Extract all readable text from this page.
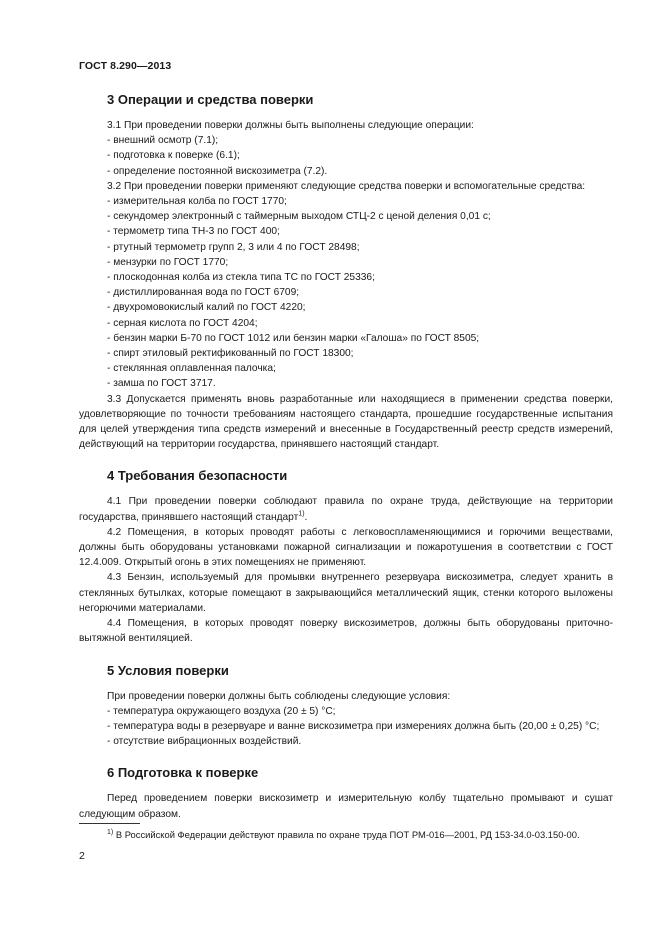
ГОСТ 8.290—2013
3 Операции и средства поверки

3.1 При проведении поверки должны быть выполнены следующие операции:

- внешний осмотр (7.1);

- подготовка к поверке (6.1);

- определение постоянной вискозиметра (7.2).

3.2 При проведении поверки применяют следующие средства поверки и вспомогательные средства:

- измерительная колба по ГОСТ 1770;

- секундомер электронный с таймерным выходом СТЦ-2 с ценой деления 0,01 с;

- термометр типа ТН-3 по ГОСТ 400;

- ртутный термометр групп 2, 3 или 4 по ГОСТ 28498;

- мензурки по ГОСТ 1770;

- плоскодонная колба из стекла типа ТС по ГОСТ 25336;

- дистиллированная вода по ГОСТ 6709;

- двухромовокислый калий по ГОСТ 4220;

- серная кислота по ГОСТ 4204;

- бензин марки Б-70 по ГОСТ 1012 или бензин марки «Галоша» по ГОСТ 8505;

- спирт этиловый ректификованный по ГОСТ 18300;

- стеклянная оплавленная палочка;

- замша по ГОСТ 3717.

3.3 Допускается применять вновь разработанные или находящиеся в применении средства поверки, удовлетворяющие по точности требованиям настоящего стандарта, прошедшие государственные испытания для целей утверждения типа средств измерений и внесенные в Государственный реестр средств измерений, действующий на территории государства, принявшего настоящий стандарт.

4 Требования безопасности

4.1 При проведении поверки соблюдают правила по охране труда, действующие на территории государства, принявшего настоящий стандарт$^{1)}$.

4.2 Помещения, в которых проводят работы с легковоспламеняющимися и горючими веществами, должны быть оборудованы установками пожарной сигнализации и пожаротушения в соответствии с ГОСТ 12.4.009. Открытый огонь в этих помещениях не применяют.

4.3 Бензин, используемый для промывки внутреннего резервуара вискозиметра, следует хранить в стеклянных бутылках, которые помещают в закрывающийся металлический ящик, стенки которого выложены негорючими материалами.

4.4 Помещения, в которых проводят поверку вискозиметров, должны быть оборудованы приточно-вытяжной вентиляцией.

5 Условия поверки

При проведении поверки должны быть соблюдены следующие условия:

- температура окружающего воздуха (20 ± 5) °С;

- температура воды в резервуаре и ванне вискозиметра при измерениях должна быть (20,00 ± 0,25) °С;

- отсутствие вибрационных воздействий.

6 Подготовка к поверке

Перед проведением поверки вискозиметр и измерительную колбу тщательно промывают и сушат следующим образом.

$^{1)}$ В Российской Федерации действуют правила по охране труда ПОТ РМ-016—2001, РД 153-34.0-03.150-00.
2
